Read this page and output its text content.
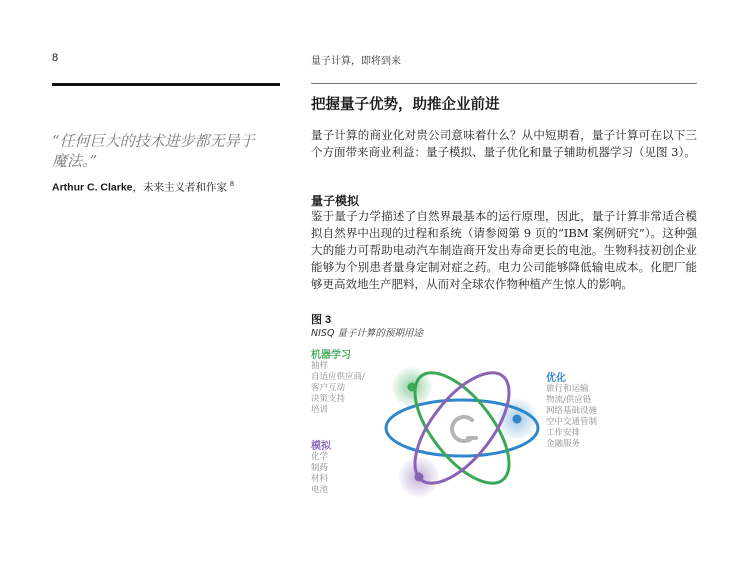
8
“任何巨大的技术进步都无异于魔法。”
Arthur C. Clarke，未来主义者和作家 $^8$
量子计算，即将到来
把握量子优势，助推企业前进
量子计算的商业化对贵公司意味着什么？从中短期看，量子计算可在以下三个方面带来商业利益：量子模拟、量子优化和量子辅助机器学习（见图 3）。
量子模拟
鉴于量子力学描述了自然界最基本的运行原理，因此，量子计算非常适合模拟自然界中出现的过程和系统（请参阅第 9 页的“IBM 案例研究”）。这种强大的能力可帮助电动汽车制造商开发出寿命更长的电池。生物科技初创企业能够为个别患者量身定制对症之药。电力公司能够降低输电成本。化肥厂能够更高效地生产肥料，从而对全球农作物种植产生惊人的影响。
图 3
NISQ 量子计算的预期用途
机器学习
抽样
自适应供应商/
客户互动
决策支持
培训
模拟
化学
制药
材料
电池
优化
旅行和运输
物流/供应链
网络基础设施
空中交通管制
工作安排
金融服务
